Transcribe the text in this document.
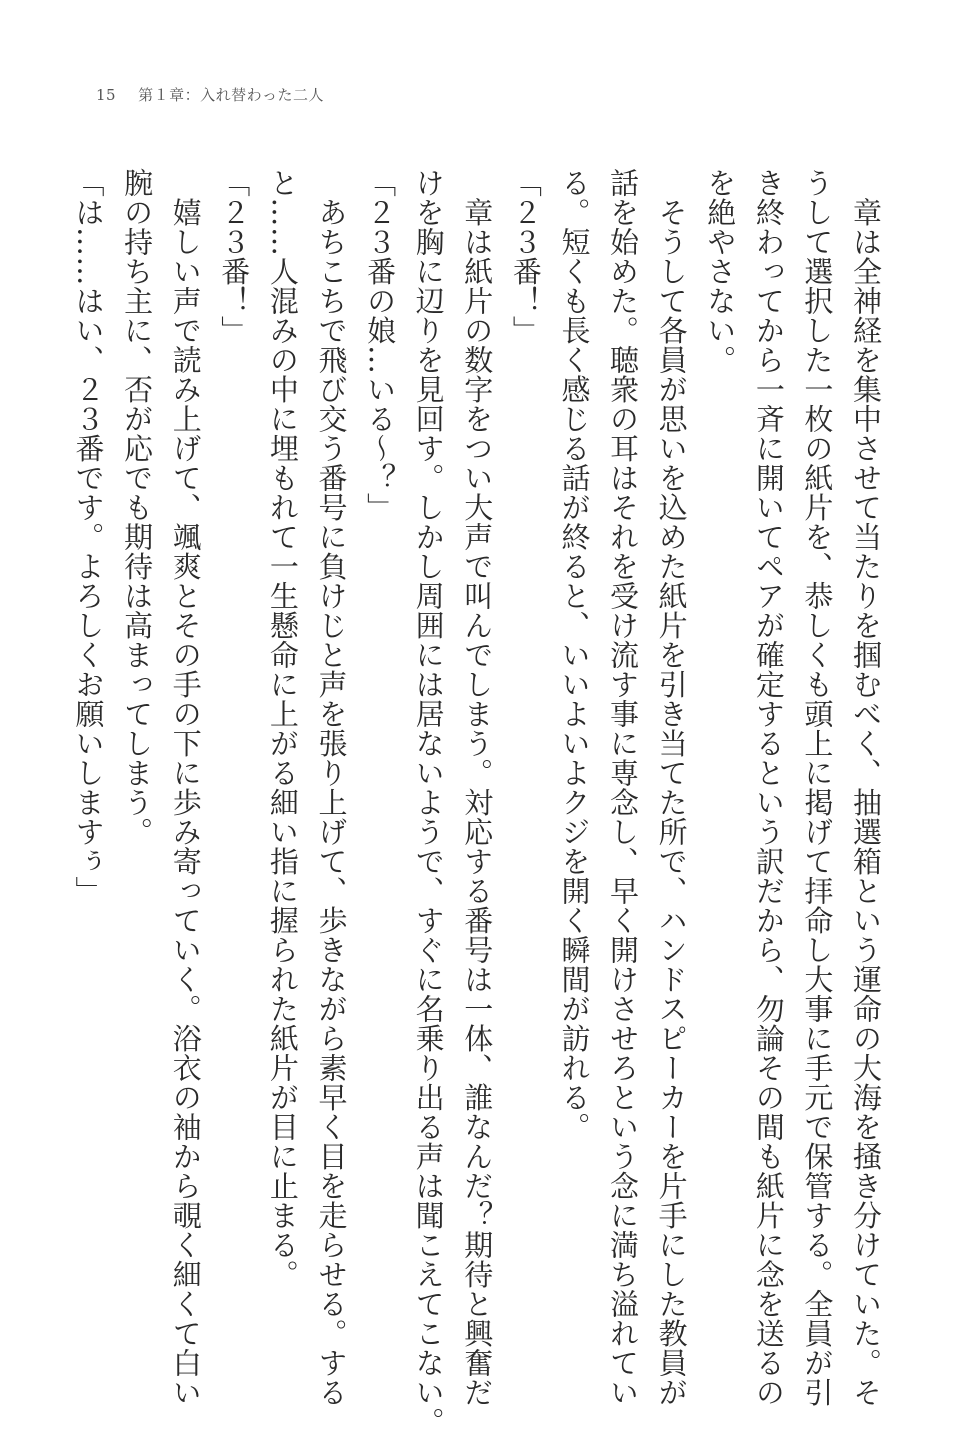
15 第１章：入れ替わった二人

　章は全神経を集中させて当たりを掴むべく、抽選箱という運命の大海を掻き分けていた。そ

うして選択した一枚の紙片を、恭しくも頭上に掲げて拝命し大事に手元で保管する。全員が引

き終わってから一斉に開いてペアが確定するという訳だから、勿論その間も紙片に念を送るの

を絶やさない。

　そうして各員が思いを込めた紙片を引き当てた所で、ハンドスピーカーを片手にした教員が

話を始めた。聴衆の耳はそれを受け流す事に専念し、早く開けさせろという念に満ち溢れてい

る。短くも長く感じる話が終ると、いいよいよクジを開く瞬間が訪れる。

「２３番！」

　章は紙片の数字をつい大声で叫んでしまう。対応する番号は一体、誰なんだ？期待と興奮だ

けを胸に辺りを見回す。しかし周囲には居ないようで、すぐに名乗り出る声は聞こえてこない。

「２３番の娘…いる〜？」

　あちこちで飛び交う番号に負けじと声を張り上げて、歩きながら素早く目を走らせる。する

と……人混みの中に埋もれて一生懸命に上がる細い指に握られた紙片が目に止まる。

「２３番！」

　嬉しい声で読み上げて、颯爽とその手の下に歩み寄っていく。浴衣の袖から覗く細くて白い

腕の持ち主に、否が応でも期待は高まってしまう。

「は……はい、２３番です。よろしくお願いしますぅ」
